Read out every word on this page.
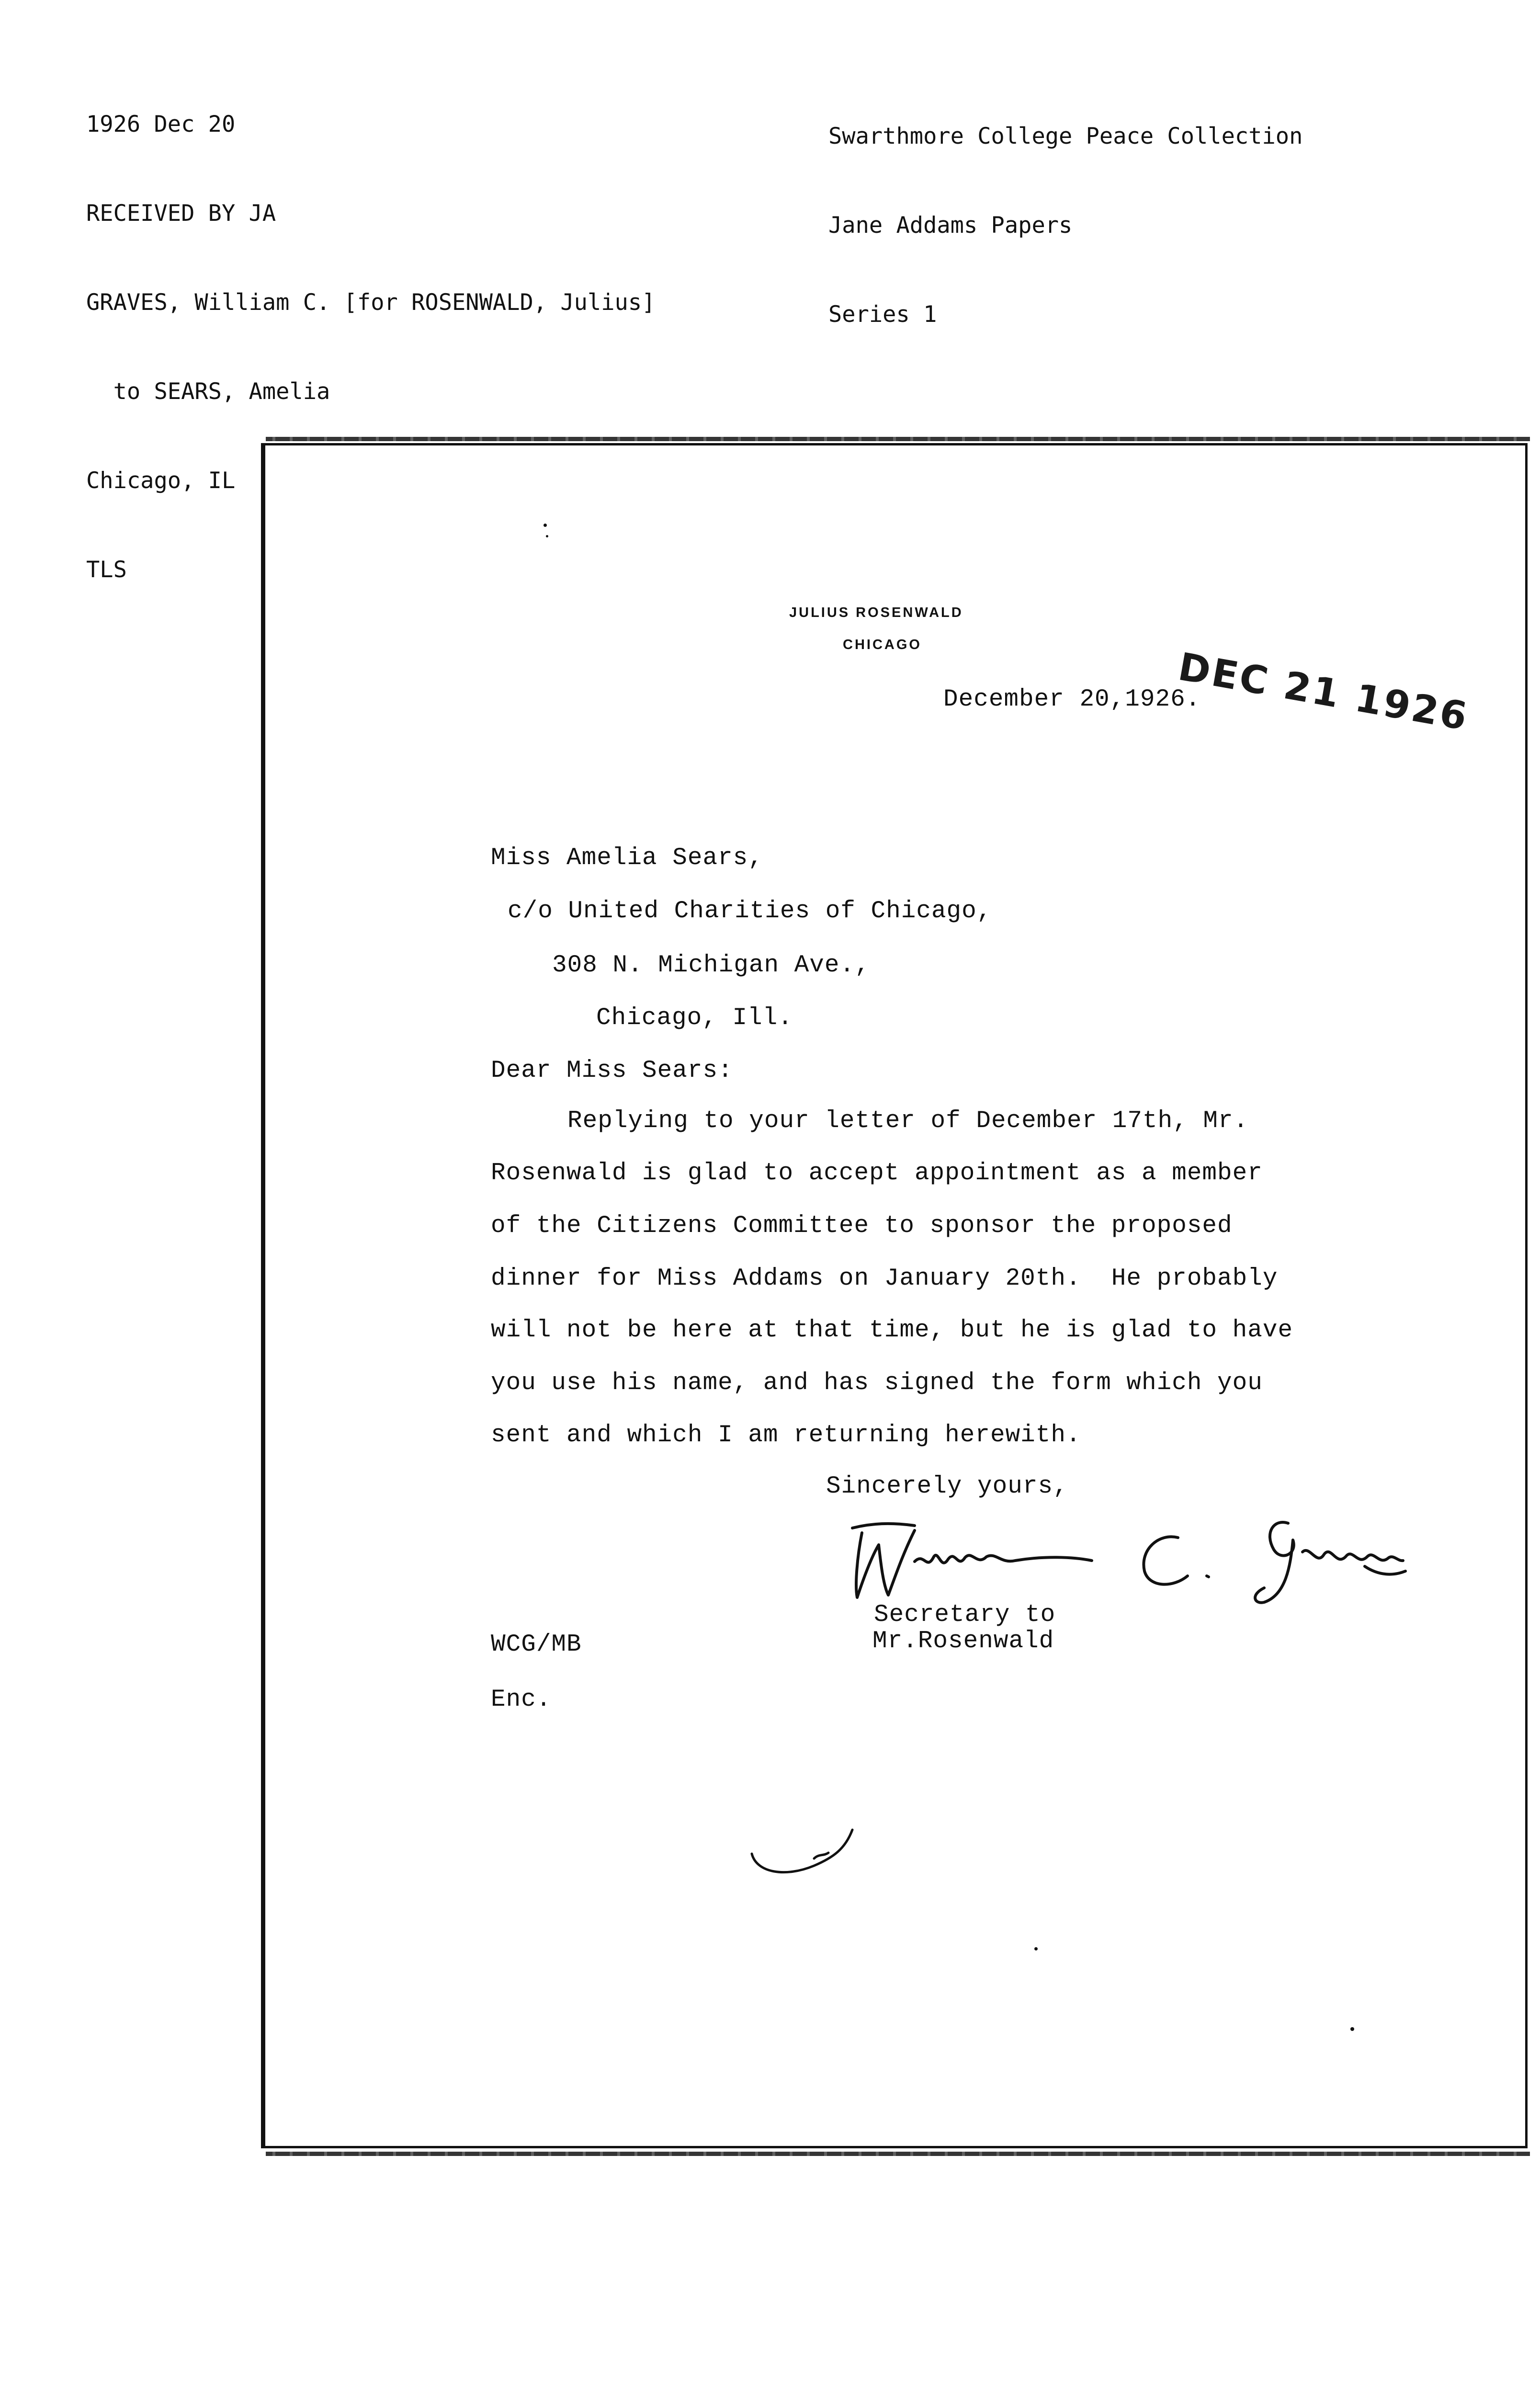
1926 Dec 20

RECEIVED BY JA

GRAVES, William C. [for ROSENWALD, Julius]

to SEARS, Amelia

Chicago, IL

TLS

Swarthmore College Peace Collection

Jane Addams Papers

Series 1

JULIUS ROSENWALD
CHICAGO
December 20,1926.
DEC 21 1926
Miss Amelia Sears,
c/o United Charities of Chicago,
308 N. Michigan Ave.,
Chicago, Ill.
Dear Miss Sears:
Replying to your letter of December 17th, Mr.
Rosenwald is glad to accept appointment as a member
of the Citizens Committee to sponsor the proposed
dinner for Miss Addams on January 20th.  He probably
will not be here at that time, but he is glad to have
you use his name, and has signed the form which you
sent and which I am returning herewith.
Sincerely yours,
Secretary to
Mr.Rosenwald
WCG/MB
Enc.
